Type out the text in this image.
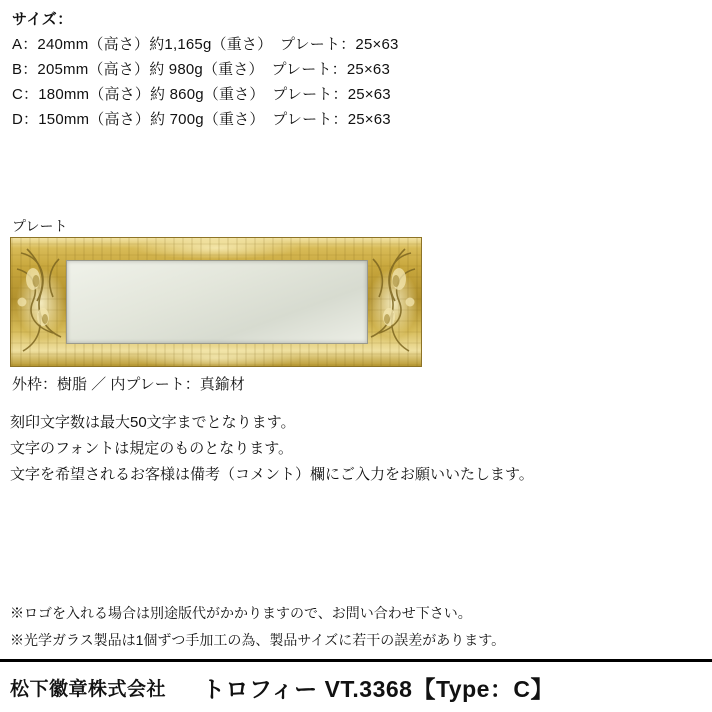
サイズ：
A：240mm（高さ）約1,165g（重さ）　プレート：25×63
B：205mm（高さ）約 980g（重さ）　プレート：25×63
C：180mm（高さ）約 860g（重さ）　プレート：25×63
D：150mm（高さ）約 700g（重さ）　プレート：25×63
プレート
外枠：樹脂 ／ 内プレート：真鍮材
刻印文字数は最大50文字までとなります。
文字のフォントは規定のものとなります。
文字を希望されるお客様は備考（コメント）欄にご入力をお願いいたします。
※ロゴを入れる場合は別途版代がかかりますので、お問い合わせ下さい。
※光学ガラス製品は1個ずつ手加工の為、製品サイズに若干の誤差があります。
松下徽章株式会社 トロフィー VT.3368【Type：C】
